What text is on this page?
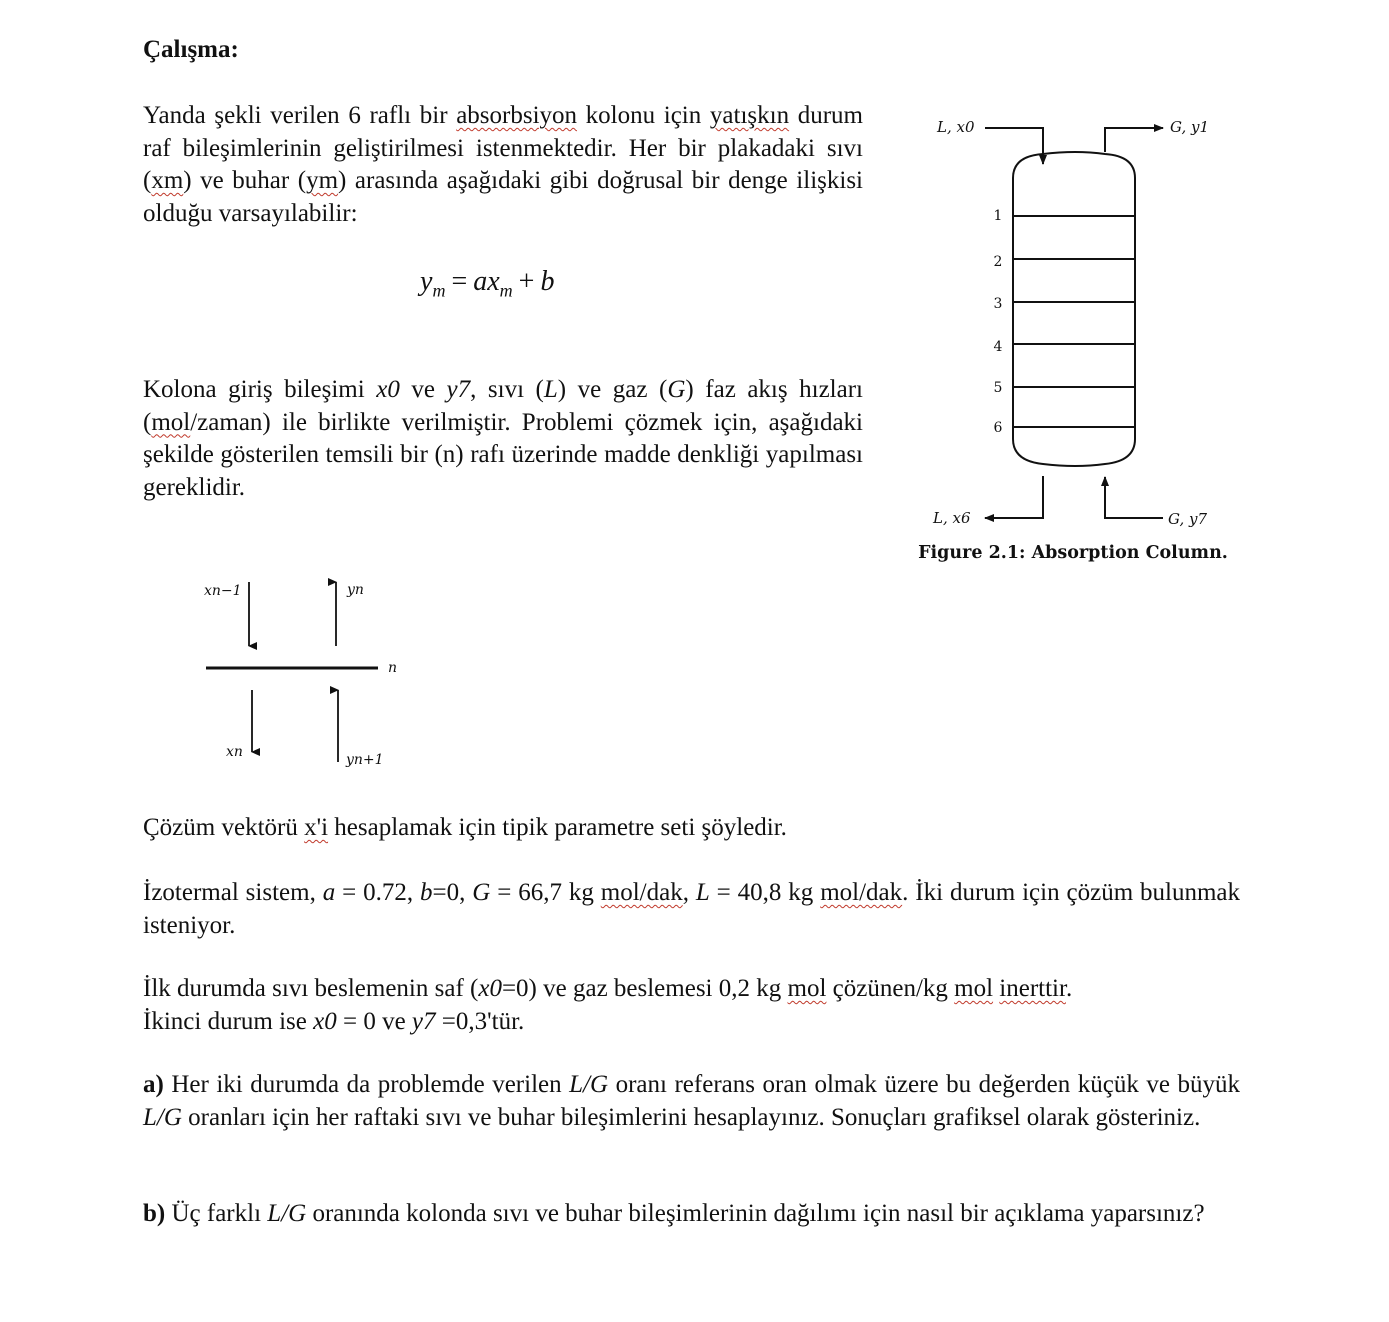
Çalışma:
Yanda şekli verilen 6 raflı bir absorbsiyon kolonu için yatışkın durum raf bileşimlerinin geliştirilmesi istenmektedir. Her bir plakadaki sıvı (xm) ve buhar (ym) arasında aşağıdaki gibi doğrusal bir denge ilişkisi olduğu varsayılabilir:
$y_m = ax_m + b$
Kolona giriş bileşimi x0 ve y7, sıvı (L) ve gaz (G) faz akış hızları (mol/zaman) ile birlikte verilmiştir. Problemi çözmek için, aşağıdaki şekilde gösterilen temsili bir (n) rafı üzerinde madde denkliği yapılması gereklidir.
L, x0	G, y1
L, x6	G, y7
1
2
3
4
5
6
Figure 2.1: Absorption Column.
xn−1	yn
n
xn	yn+1
Çözüm vektörü x'i hesaplamak için tipik parametre seti şöyledir.
İzotermal sistem, a = 0.72, b=0, G = 66,7 kg mol/dak, L = 40,8 kg mol/dak. İki durum için çözüm bulunmak isteniyor.
İlk durumda sıvı beslemenin saf (x0=0) ve gaz beslemesi 0,2 kg mol çözünen/kg mol inerttir.
İkinci durum ise x0 = 0 ve y7 =0,3'tür.
a) Her iki durumda da problemde verilen L/G oranı referans oran olmak üzere bu değerden küçük ve büyük L/G oranları için her raftaki sıvı ve buhar bileşimlerini hesaplayınız. Sonuçları grafiksel olarak gösteriniz.
b) Üç farklı L/G oranında kolonda sıvı ve buhar bileşimlerinin dağılımı için nasıl bir açıklama yaparsınız?
